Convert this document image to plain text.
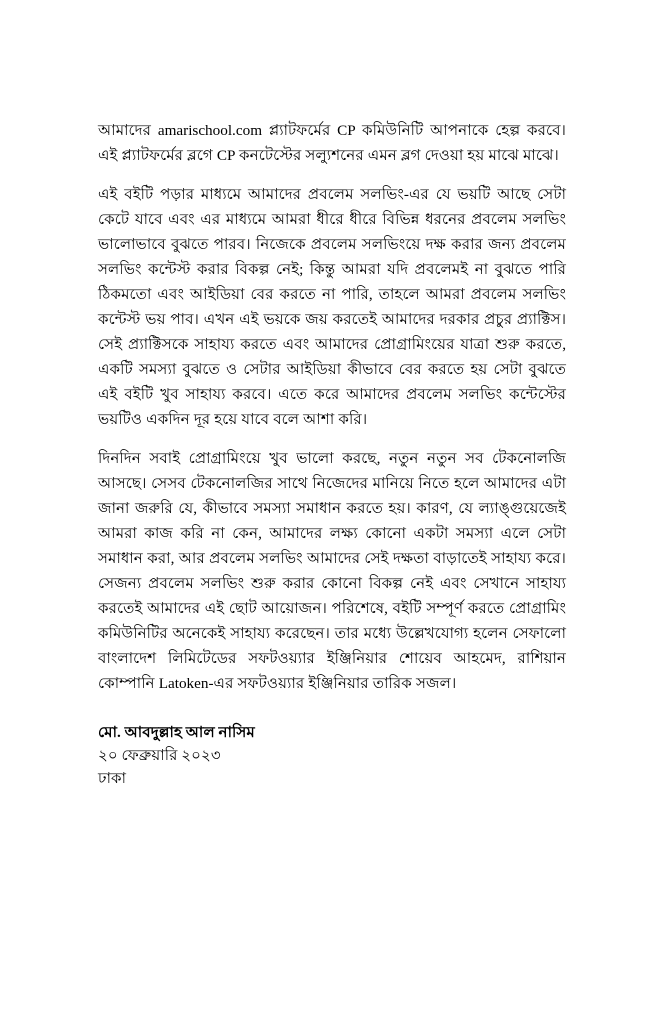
আমাদের amarischool.com প্ল্যাটফর্মের CP কমিউনিটি আপনাকে হেল্প করবে। এই প্ল্যাটফর্মের ব্লগে CP কনটেস্টের সল্যুশনের এমন ব্লগ দেওয়া হয় মাঝে মাঝে।

এই বইটি পড়ার মাধ্যমে আমাদের প্রবলেম সলভিং-এর যে ভয়টি আছে সেটা কেটে যাবে এবং এর মাধ্যমে আমরা ধীরে ধীরে বিভিন্ন ধরনের প্রবলেম সলভিং ভালোভাবে বুঝতে পারব। নিজেকে প্রবলেম সলভিংয়ে দক্ষ করার জন্য প্রবলেম সলভিং কন্টেস্ট করার বিকল্প নেই; কিন্তু আমরা যদি প্রবলেমই না বুঝতে পারি ঠিকমতো এবং আইডিয়া বের করতে না পারি, তাহলে আমরা প্রবলেম সলভিং কন্টেস্ট ভয় পাব। এখন এই ভয়কে জয় করতেই আমাদের দরকার প্রচুর প্র্যাক্টিস। সেই প্র্যাক্টিসকে সাহায্য করতে এবং আমাদের প্রোগ্রামিংয়ের যাত্রা শুরু করতে, একটি সমস্যা বুঝতে ও সেটার আইডিয়া কীভাবে বের করতে হয় সেটা বুঝতে এই বইটি খুব সাহায্য করবে। এতে করে আমাদের প্রবলেম সলভিং কন্টেস্টের ভয়টিও একদিন দূর হয়ে যাবে বলে আশা করি।

দিনদিন সবাই প্রোগ্রামিংয়ে খুব ভালো করছে, নতুন নতুন সব টেকনোলজি আসছে। সেসব টেকনোলজির সাথে নিজেদের মানিয়ে নিতে হলে আমাদের এটা জানা জরুরি যে, কীভাবে সমস্যা সমাধান করতে হয়। কারণ, যে ল্যাঙ্গুয়েজেই আমরা কাজ করি না কেন, আমাদের লক্ষ্য কোনো একটা সমস্যা এলে সেটা সমাধান করা, আর প্রবলেম সলভিং আমাদের সেই দক্ষতা বাড়াতেই সাহায্য করে। সেজন্য প্রবলেম সলভিং শুরু করার কোনো বিকল্প নেই এবং সেখানে সাহায্য করতেই আমাদের এই ছোট আয়োজন। পরিশেষে, বইটি সম্পূর্ণ করতে প্রোগ্রামিং কমিউনিটির অনেকেই সাহায্য করেছেন। তার মধ্যে উল্লেখযোগ্য হলেন সেফালো বাংলাদেশ লিমিটেডের সফটওয়্যার ইঞ্জিনিয়ার শোয়েব আহমেদ, রাশিয়ান কোম্পানি Latoken-এর সফটওয়্যার ইঞ্জিনিয়ার তারিক সজল।

মো. আবদুল্লাহ আল নাসিম

২০ ফেব্রুয়ারি ২০২৩

ঢাকা
